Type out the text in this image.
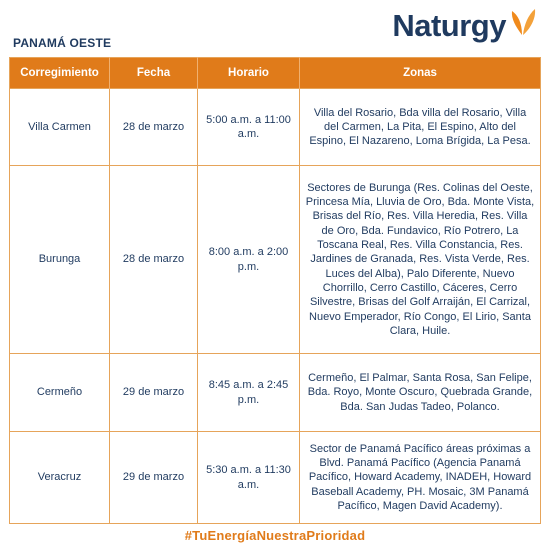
PANAMÁ OESTE	Naturgy
Corregimiento	Fecha	Horario	Zonas
Villa Carmen	28 de marzo	5:00 a.m. a 11:00 a.m.	Villa del Rosario, Bda villa del Rosario, Villa del Carmen, La Pita, El Espino, Alto del Espino, El Nazareno, Loma Brígida, La Pesa.
Burunga	28 de marzo	8:00 a.m. a 2:00 p.m.	Sectores de Burunga (Res. Colinas del Oeste, Princesa Mía, Lluvia de Oro, Bda. Monte Vista, Brisas del Río, Res. Villa Heredia, Res. Villa de Oro, Bda. Fundavico, Río Potrero, La Toscana Real, Res. Villa Constancia, Res. Jardines de Granada, Res. Vista Verde, Res. Luces del Alba), Palo Diferente, Nuevo Chorrillo, Cerro Castillo, Cáceres, Cerro Silvestre, Brisas del Golf Arraiján, El Carrizal, Nuevo Emperador, Río Congo, El Lirio, Santa Clara, Huile.
Cermeño	29 de marzo	8:45 a.m. a 2:45 p.m.	Cermeño, El Palmar, Santa Rosa, San Felipe, Bda. Royo, Monte Oscuro, Quebrada Grande, Bda. San Judas Tadeo, Polanco.
Veracruz	29 de marzo	5:30 a.m. a 11:30 a.m.	Sector de Panamá Pacífico áreas próximas a Blvd. Panamá Pacífico (Agencia Panamá Pacífico, Howard Academy, INADEH, Howard Baseball Academy, PH. Mosaic, 3M Panamá Pacífico, Magen David Academy).
#TuEnergíaNuestraPrioridad
